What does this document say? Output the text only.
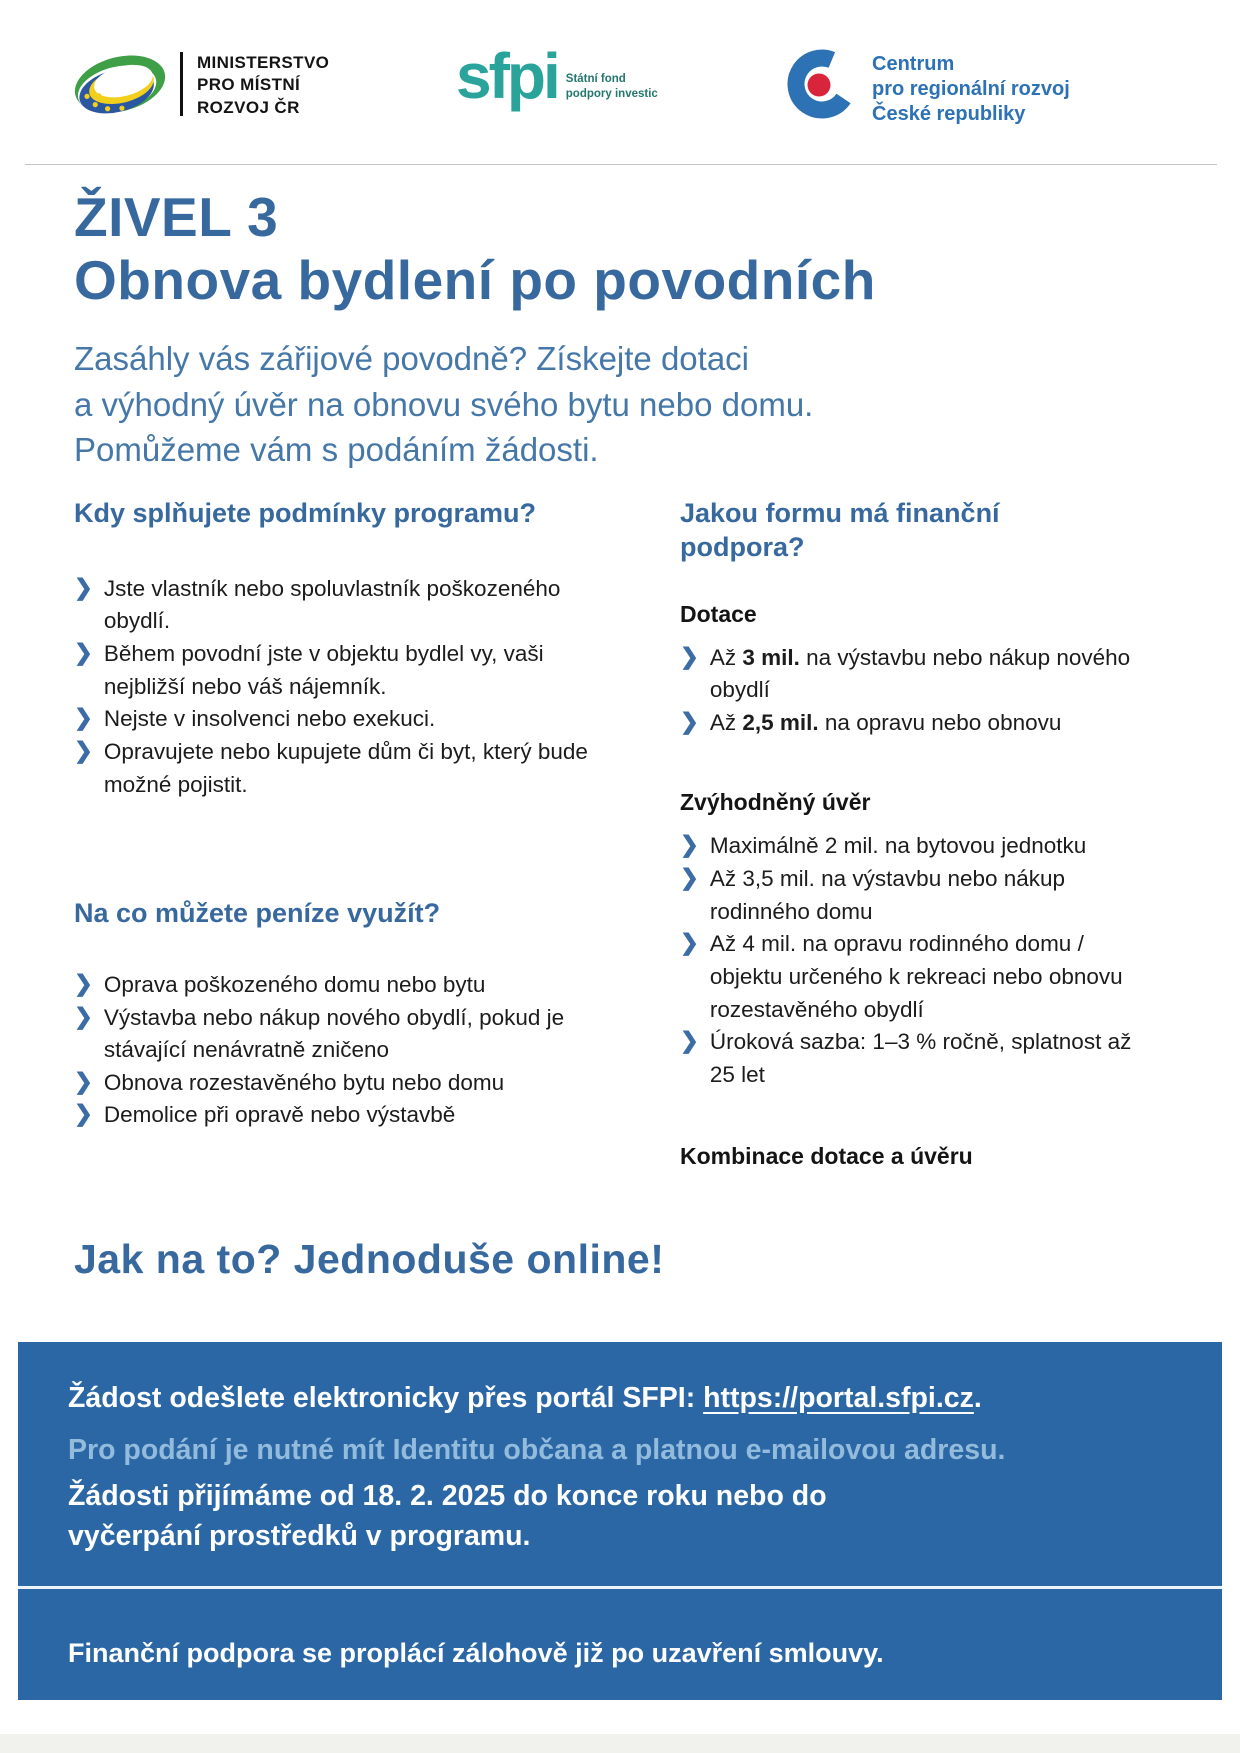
MINISTERSTVO
PRO MÍSTNÍ
ROZVOJ ČR	sfpi Státní fond
podpory investic
Centrum
pro regionální rozvoj
České republiky
ŽIVEL 3
Obnova bydlení po povodních
Zasáhly vás zářijové povodně? Získejte dotaci
a výhodný úvěr na obnovu svého bytu nebo domu.
Pomůžeme vám s podáním žádosti.
Kdy splňujete podmínky programu?
❯ Jste vlastník nebo spoluvlastník poškozeného obydlí.
❯ Během povodní jste v objektu bydlel vy, vaši nejbližší nebo váš nájemník.
❯ Nejste v insolvenci nebo exekuci.
❯ Opravujete nebo kupujete dům či byt, který bude možné pojistit.
Na co můžete peníze využít?
❯ Oprava poškozeného domu nebo bytu
❯ Výstavba nebo nákup nového obydlí, pokud je stávající nenávratně zničeno
❯ Obnova rozestavěného bytu nebo domu
❯ Demolice při opravě nebo výstavbě
Jakou formu má finanční podpora?
Dotace
❯ Až 3 mil. na výstavbu nebo nákup nového obydlí
❯ Až 2,5 mil. na opravu nebo obnovu
Zvýhodněný úvěr
❯ Maximálně 2 mil. na bytovou jednotku
❯ Až 3,5 mil. na výstavbu nebo nákup rodinného domu
❯ Až 4 mil. na opravu rodinného domu / objektu určeného k rekreaci nebo obnovu rozestavěného obydlí
❯ Úroková sazba: 1–3 % ročně, splatnost až 25 let
Kombinace dotace a úvěru
Jak na to? Jednoduše online!
Žádost odešlete elektronicky přes portál SFPI: https://portal.sfpi.cz.
Pro podání je nutné mít Identitu občana a platnou e-mailovou adresu.
Žádosti přijímáme od 18. 2. 2025 do konce roku nebo do vyčerpání prostředků v programu.
Finanční podpora se proplácí zálohově již po uzavření smlouvy.
